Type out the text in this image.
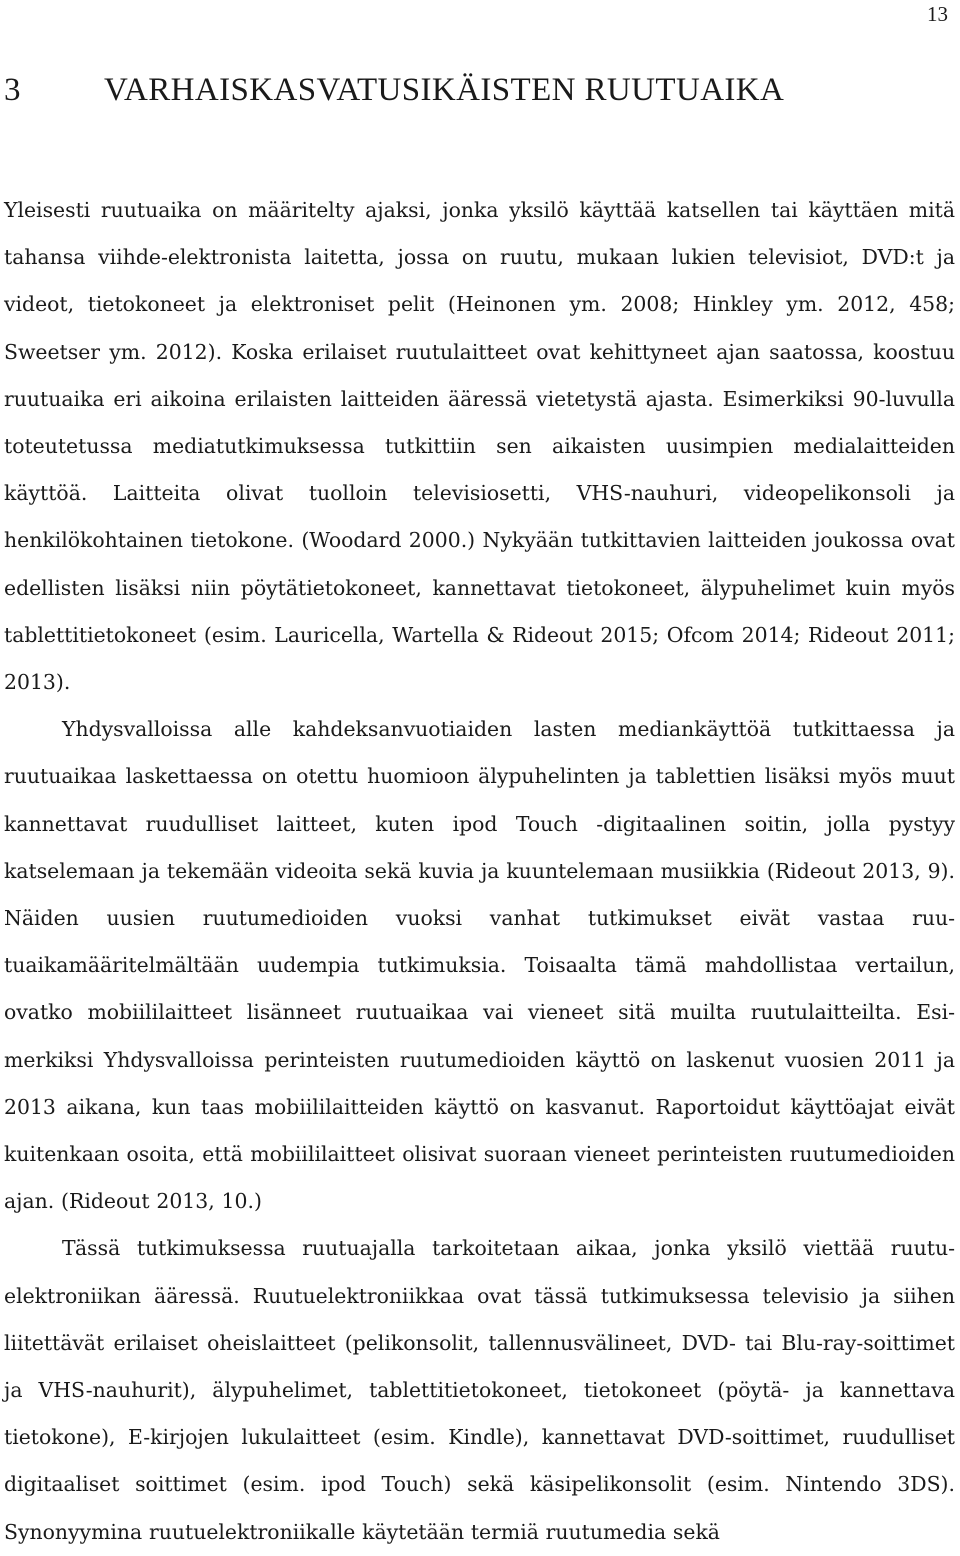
13
3	VARHAISKASVATUSIKÄISTEN RUUTUAIKA

Yleisesti ruutuaika on määritelty ajaksi, jonka yksilö käyttää katsellen tai käyttäen mitä tahansa viihde-elektronista laitetta, jossa on ruutu, mukaan lukien televisiot, DVD:t ja videot, tietokoneet ja elektroniset pelit (Heinonen ym. 2008; Hinkley ym. 2012, 458; Sweetser ym. 2012). Koska erilaiset ruutulaitteet ovat kehittyneet ajan saatossa, koostuu ruutuaika eri aikoina erilaisten laitteiden ääressä vietetystä ajasta. Esimerkiksi 90-luvulla toteutetussa mediatutkimuksessa tutkittiin sen aikaisten uusimpien medialaitteiden käyttöä. Laitteita olivat tuolloin televisiosetti, VHS-nauhuri, videopelikonsoli ja henkilökohtainen tietokone. (Woodard 2000.) Nykyään tutkittavien laitteiden joukossa ovat edellisten lisäksi niin pöytätietokoneet, kannettavat tietokoneet, älypuhelimet kuin myös tablettitietokoneet (esim. Lauricella, Wartella & Rideout 2015; Ofcom 2014; Rideout 2011; 2013).

Yhdysvalloissa alle kahdeksanvuotiaiden lasten mediankäyttöä tutkittaessa ja ruutuaikaa laskettaessa on otettu huomioon älypuhelinten ja tablettien lisäksi myös muut kannettavat ruudulliset laitteet, kuten ipod Touch -digitaalinen soitin, jolla pystyy katselemaan ja tekemään videoita sekä kuvia ja kuuntelemaan musiikkia (Rideout 2013, 9). Näiden uusien ruutumedioiden vuoksi vanhat tutkimukset eivät vastaa ruutuaikamääritelmältään uudempia tutkimuksia. Toisaalta tämä mahdollistaa vertailun, ovatko mobiililaitteet lisänneet ruutuaikaa vai vieneet sitä muilta ruutulaitteilta. Esimerkiksi Yhdysvalloissa perinteisten ruutumedioiden käyttö on laskenut vuosien 2011 ja 2013 aikana, kun taas mobiililaitteiden käyttö on kasvanut. Raportoidut käyttöajat eivät kuitenkaan osoita, että mobiililaitteet olisivat suoraan vieneet perinteisten ruutumedioiden ajan. (Rideout 2013, 10.)

Tässä tutkimuksessa ruutuajalla tarkoitetaan aikaa, jonka yksilö viettää ruutuelektroniikan ääressä. Ruutuelektroniikkaa ovat tässä tutkimuksessa televisio ja siihen liitettävät erilaiset oheislaitteet (pelikonsolit, tallennusvälineet, DVD- tai Blu-ray-soittimet ja VHS-nauhurit), älypuhelimet, tablettitietokoneet, tietokoneet (pöytä- ja kannettava tietokone), E-kirjojen lukulaitteet (esim. Kindle), kannettavat DVD-soittimet, ruudulliset digitaaliset soittimet (esim. ipod Touch) sekä käsipelikonsolit (esim. Nintendo 3DS). Synonyymina ruutuelektroniikalle käytetään termiä ruutumedia sekä
